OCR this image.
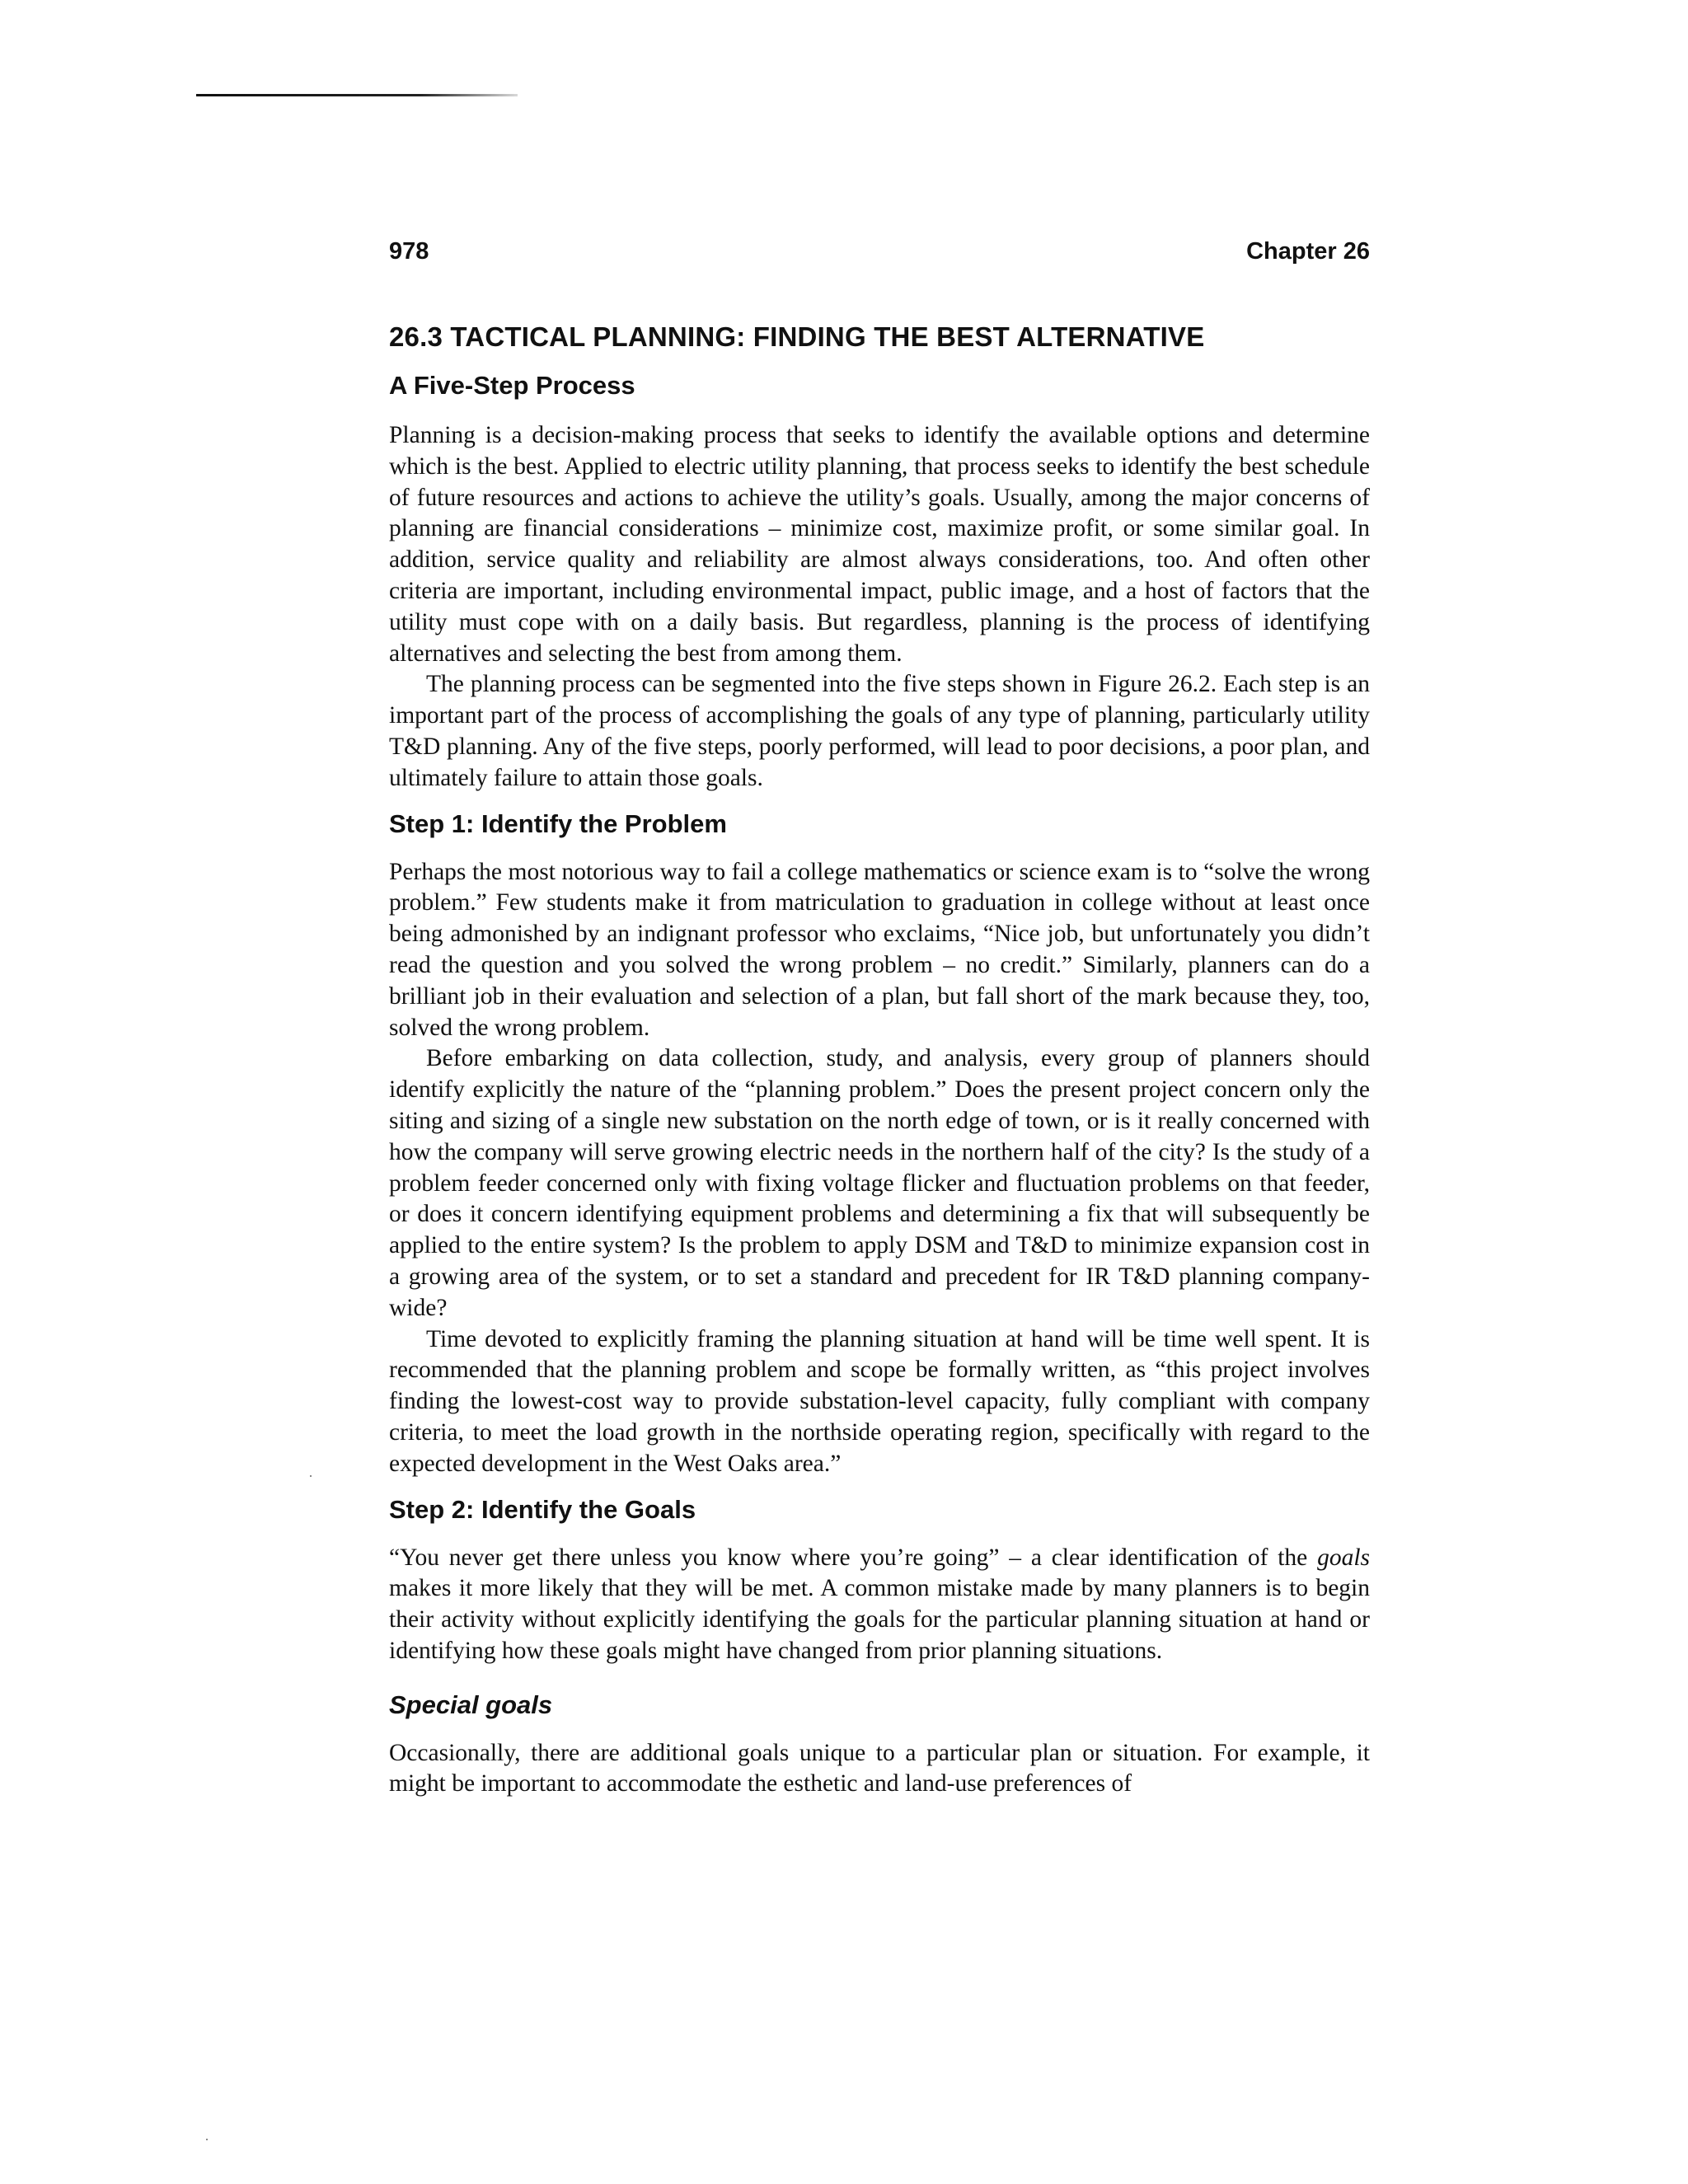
978	Chapter 26
26.3 TACTICAL PLANNING: FINDING THE BEST ALTERNATIVE
A Five-Step Process

Planning is a decision-making process that seeks to identify the available options and determine which is the best. Applied to electric utility planning, that process seeks to identify the best schedule of future resources and actions to achieve the utility’s goals. Usually, among the major concerns of planning are financial considerations – minimize cost, maximize profit, or some similar goal. In addition, service quality and reliability are almost always considerations, too. And often other criteria are important, including environmental impact, public image, and a host of factors that the utility must cope with on a daily basis. But regardless, planning is the process of identifying alternatives and selecting the best from among them.

The planning process can be segmented into the five steps shown in Figure 26.2. Each step is an important part of the process of accomplishing the goals of any type of planning, particularly utility T&D planning. Any of the five steps, poorly performed, will lead to poor decisions, a poor plan, and ultimately failure to attain those goals.

Step 1: Identify the Problem

Perhaps the most notorious way to fail a college mathematics or science exam is to “solve the wrong problem.” Few students make it from matriculation to graduation in college without at least once being admonished by an indignant professor who exclaims, “Nice job, but unfortunately you didn’t read the question and you solved the wrong problem – no credit.” Similarly, planners can do a brilliant job in their evaluation and selection of a plan, but fall short of the mark because they, too, solved the wrong problem.

Before embarking on data collection, study, and analysis, every group of planners should identify explicitly the nature of the “planning problem.” Does the present project concern only the siting and sizing of a single new substation on the north edge of town, or is it really concerned with how the company will serve growing electric needs in the northern half of the city? Is the study of a problem feeder concerned only with fixing voltage flicker and fluctuation problems on that feeder, or does it concern identifying equipment problems and determining a fix that will subsequently be applied to the entire system? Is the problem to apply DSM and T&D to minimize expansion cost in a growing area of the system, or to set a standard and precedent for IR T&D planning company-wide?

Time devoted to explicitly framing the planning situation at hand will be time well spent. It is recommended that the planning problem and scope be formally written, as “this project involves finding the lowest-cost way to provide substation-level capacity, fully compliant with company criteria, to meet the load growth in the northside operating region, specifically with regard to the expected development in the West Oaks area.”

Step 2: Identify the Goals

“You never get there unless you know where you’re going” – a clear identification of the goals makes it more likely that they will be met. A common mistake made by many planners is to begin their activity without explicitly identifying the goals for the particular planning situation at hand or identifying how these goals might have changed from prior planning situations.

Special goals

Occasionally, there are additional goals unique to a particular plan or situation. For example, it might be important to accommodate the esthetic and land-use preferences of
